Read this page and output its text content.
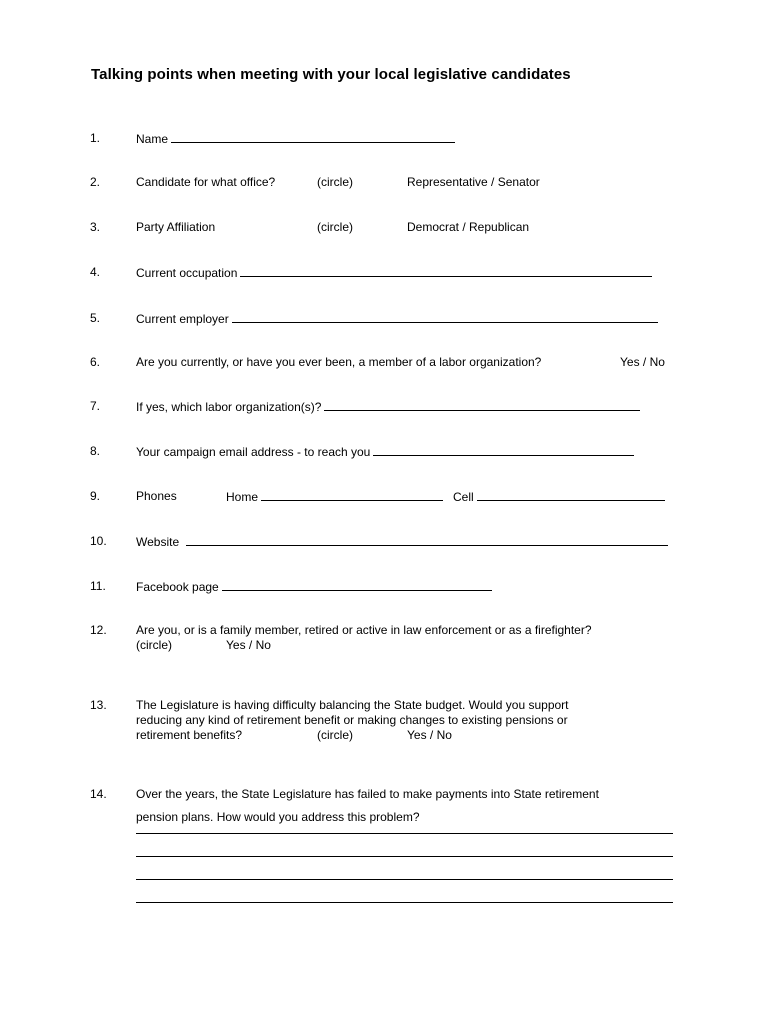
Talking points when meeting with your local legislative candidates
1.	Name
2.	Candidate for what office?	(circle)	Representative / Senator
3.	Party Affiliation	(circle)	Democrat / Republican
4.	Current occupation
5.	Current employer
6.	Are you currently, or have you ever been, a member of a labor organization?	Yes / No
7.	If yes, which labor organization(s)?
8.	Your campaign email address - to reach you
9.	Phones	Home	Cell
10. Website
11.	Facebook page
12. Are you, or is a family member, retired or active in law enforcement or as a firefighter?
(circle)	Yes / No
13. The Legislature is having difficulty balancing the State budget. Would you support
reducing any kind of retirement benefit or making changes to existing pensions or
retirement benefits?	(circle)	Yes / No
14. Over the years, the State Legislature has failed to make payments into State retirement
pension plans. How would you address this problem?
